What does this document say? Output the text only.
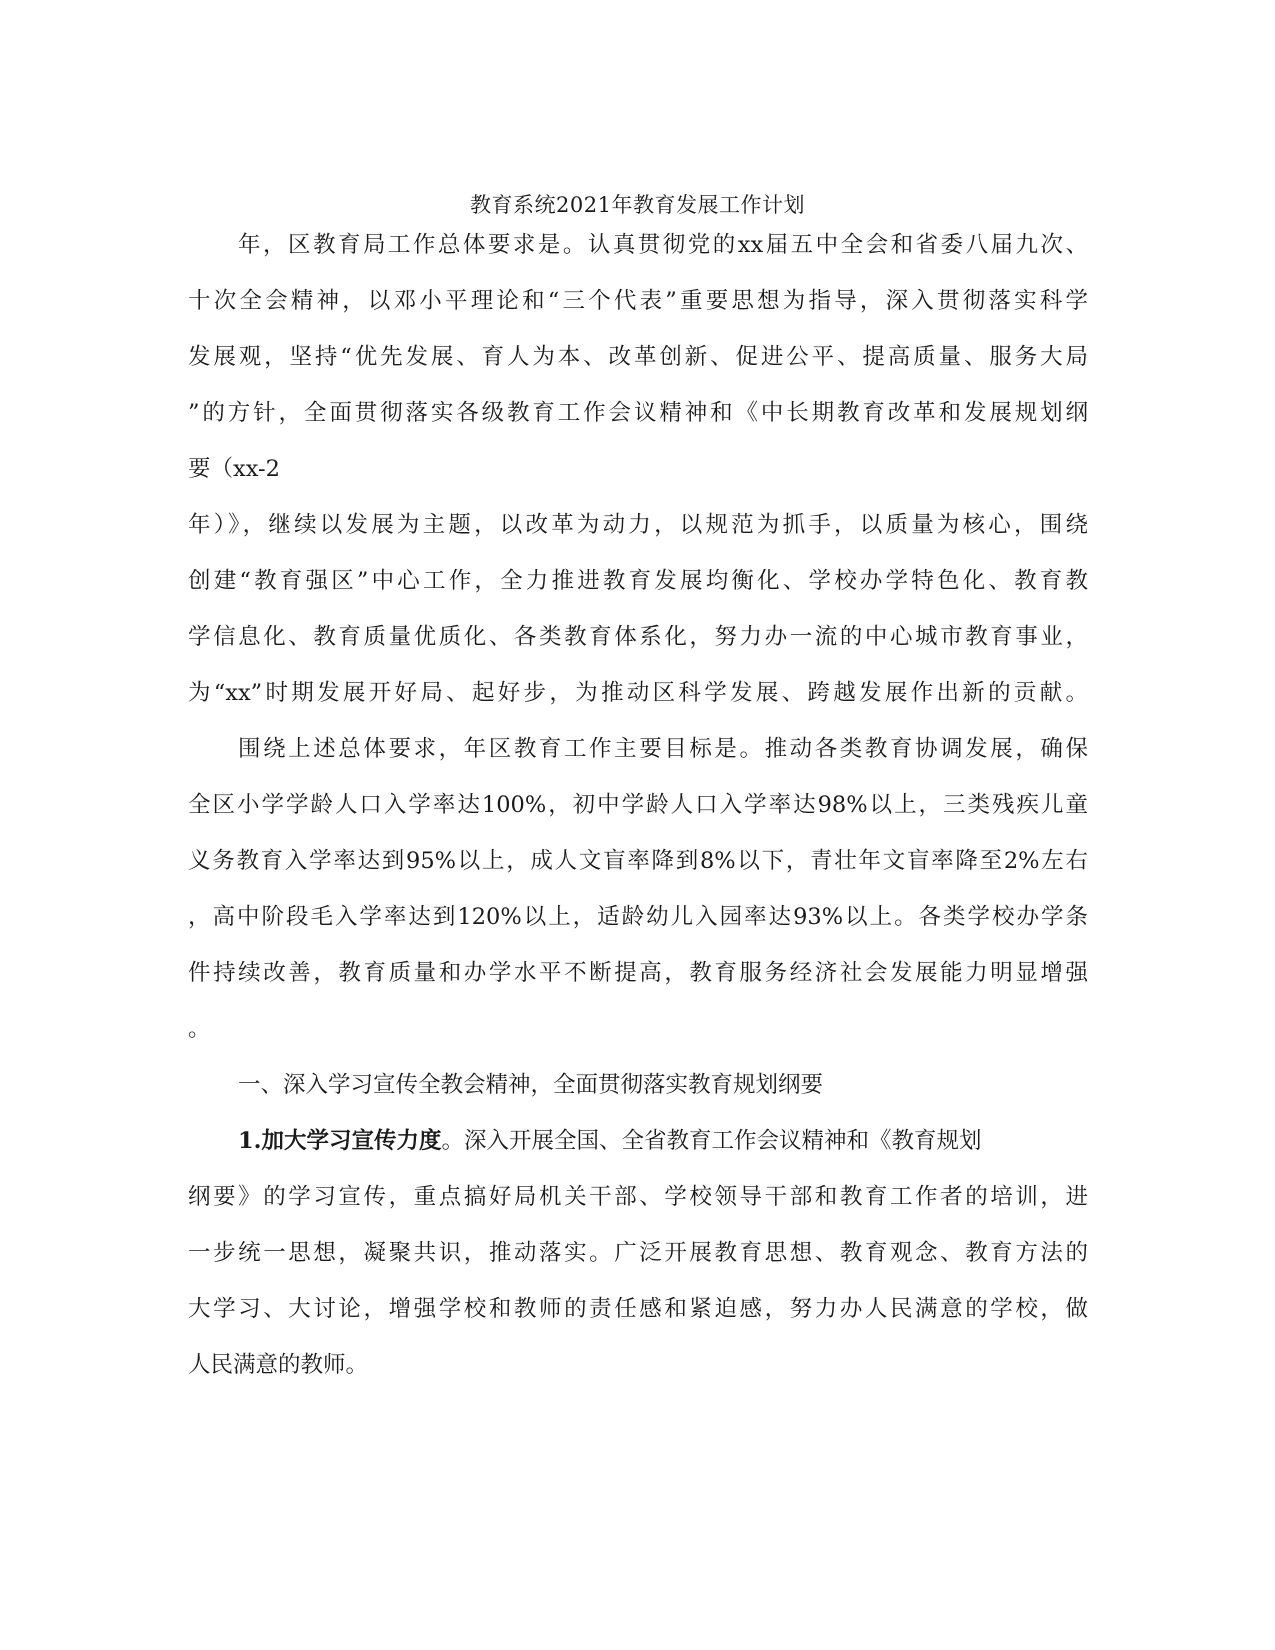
教育系统2021年教育发展工作计划
年，区教育局工作总体要求是。认真贯彻党的xx届五中全会和省委八届九次、
十次全会精神，以邓小平理论和“三个代表”重要思想为指导，深入贯彻落实科学
发展观，坚持“优先发展、育人为本、改革创新、促进公平、提高质量、服务大局
”的方针，全面贯彻落实各级教育工作会议精神和《中长期教育改革和发展规划纲
要（xx-2
年）》，继续以发展为主题，以改革为动力，以规范为抓手，以质量为核心，围绕
创建“教育强区”中心工作，全力推进教育发展均衡化、学校办学特色化、教育教
学信息化、教育质量优质化、各类教育体系化，努力办一流的中心城市教育事业，
为“xx”时期发展开好局、起好步，为推动区科学发展、跨越发展作出新的贡献。
围绕上述总体要求，年区教育工作主要目标是。推动各类教育协调发展，确保
全区小学学龄人口入学率达100%，初中学龄人口入学率达98%以上，三类残疾儿童
义务教育入学率达到95%以上，成人文盲率降到8%以下，青壮年文盲率降至2%左右
，高中阶段毛入学率达到120%以上，适龄幼儿入园率达93%以上。各类学校办学条
件持续改善，教育质量和办学水平不断提高，教育服务经济社会发展能力明显增强
。
一、深入学习宣传全教会精神，全面贯彻落实教育规划纲要
1.加大学习宣传力度。深入开展全国、全省教育工作会议精神和《教育规划
纲要》的学习宣传，重点搞好局机关干部、学校领导干部和教育工作者的培训，进
一步统一思想，凝聚共识，推动落实。广泛开展教育思想、教育观念、教育方法的
大学习、大讨论，增强学校和教师的责任感和紧迫感，努力办人民满意的学校，做
人民满意的教师。
